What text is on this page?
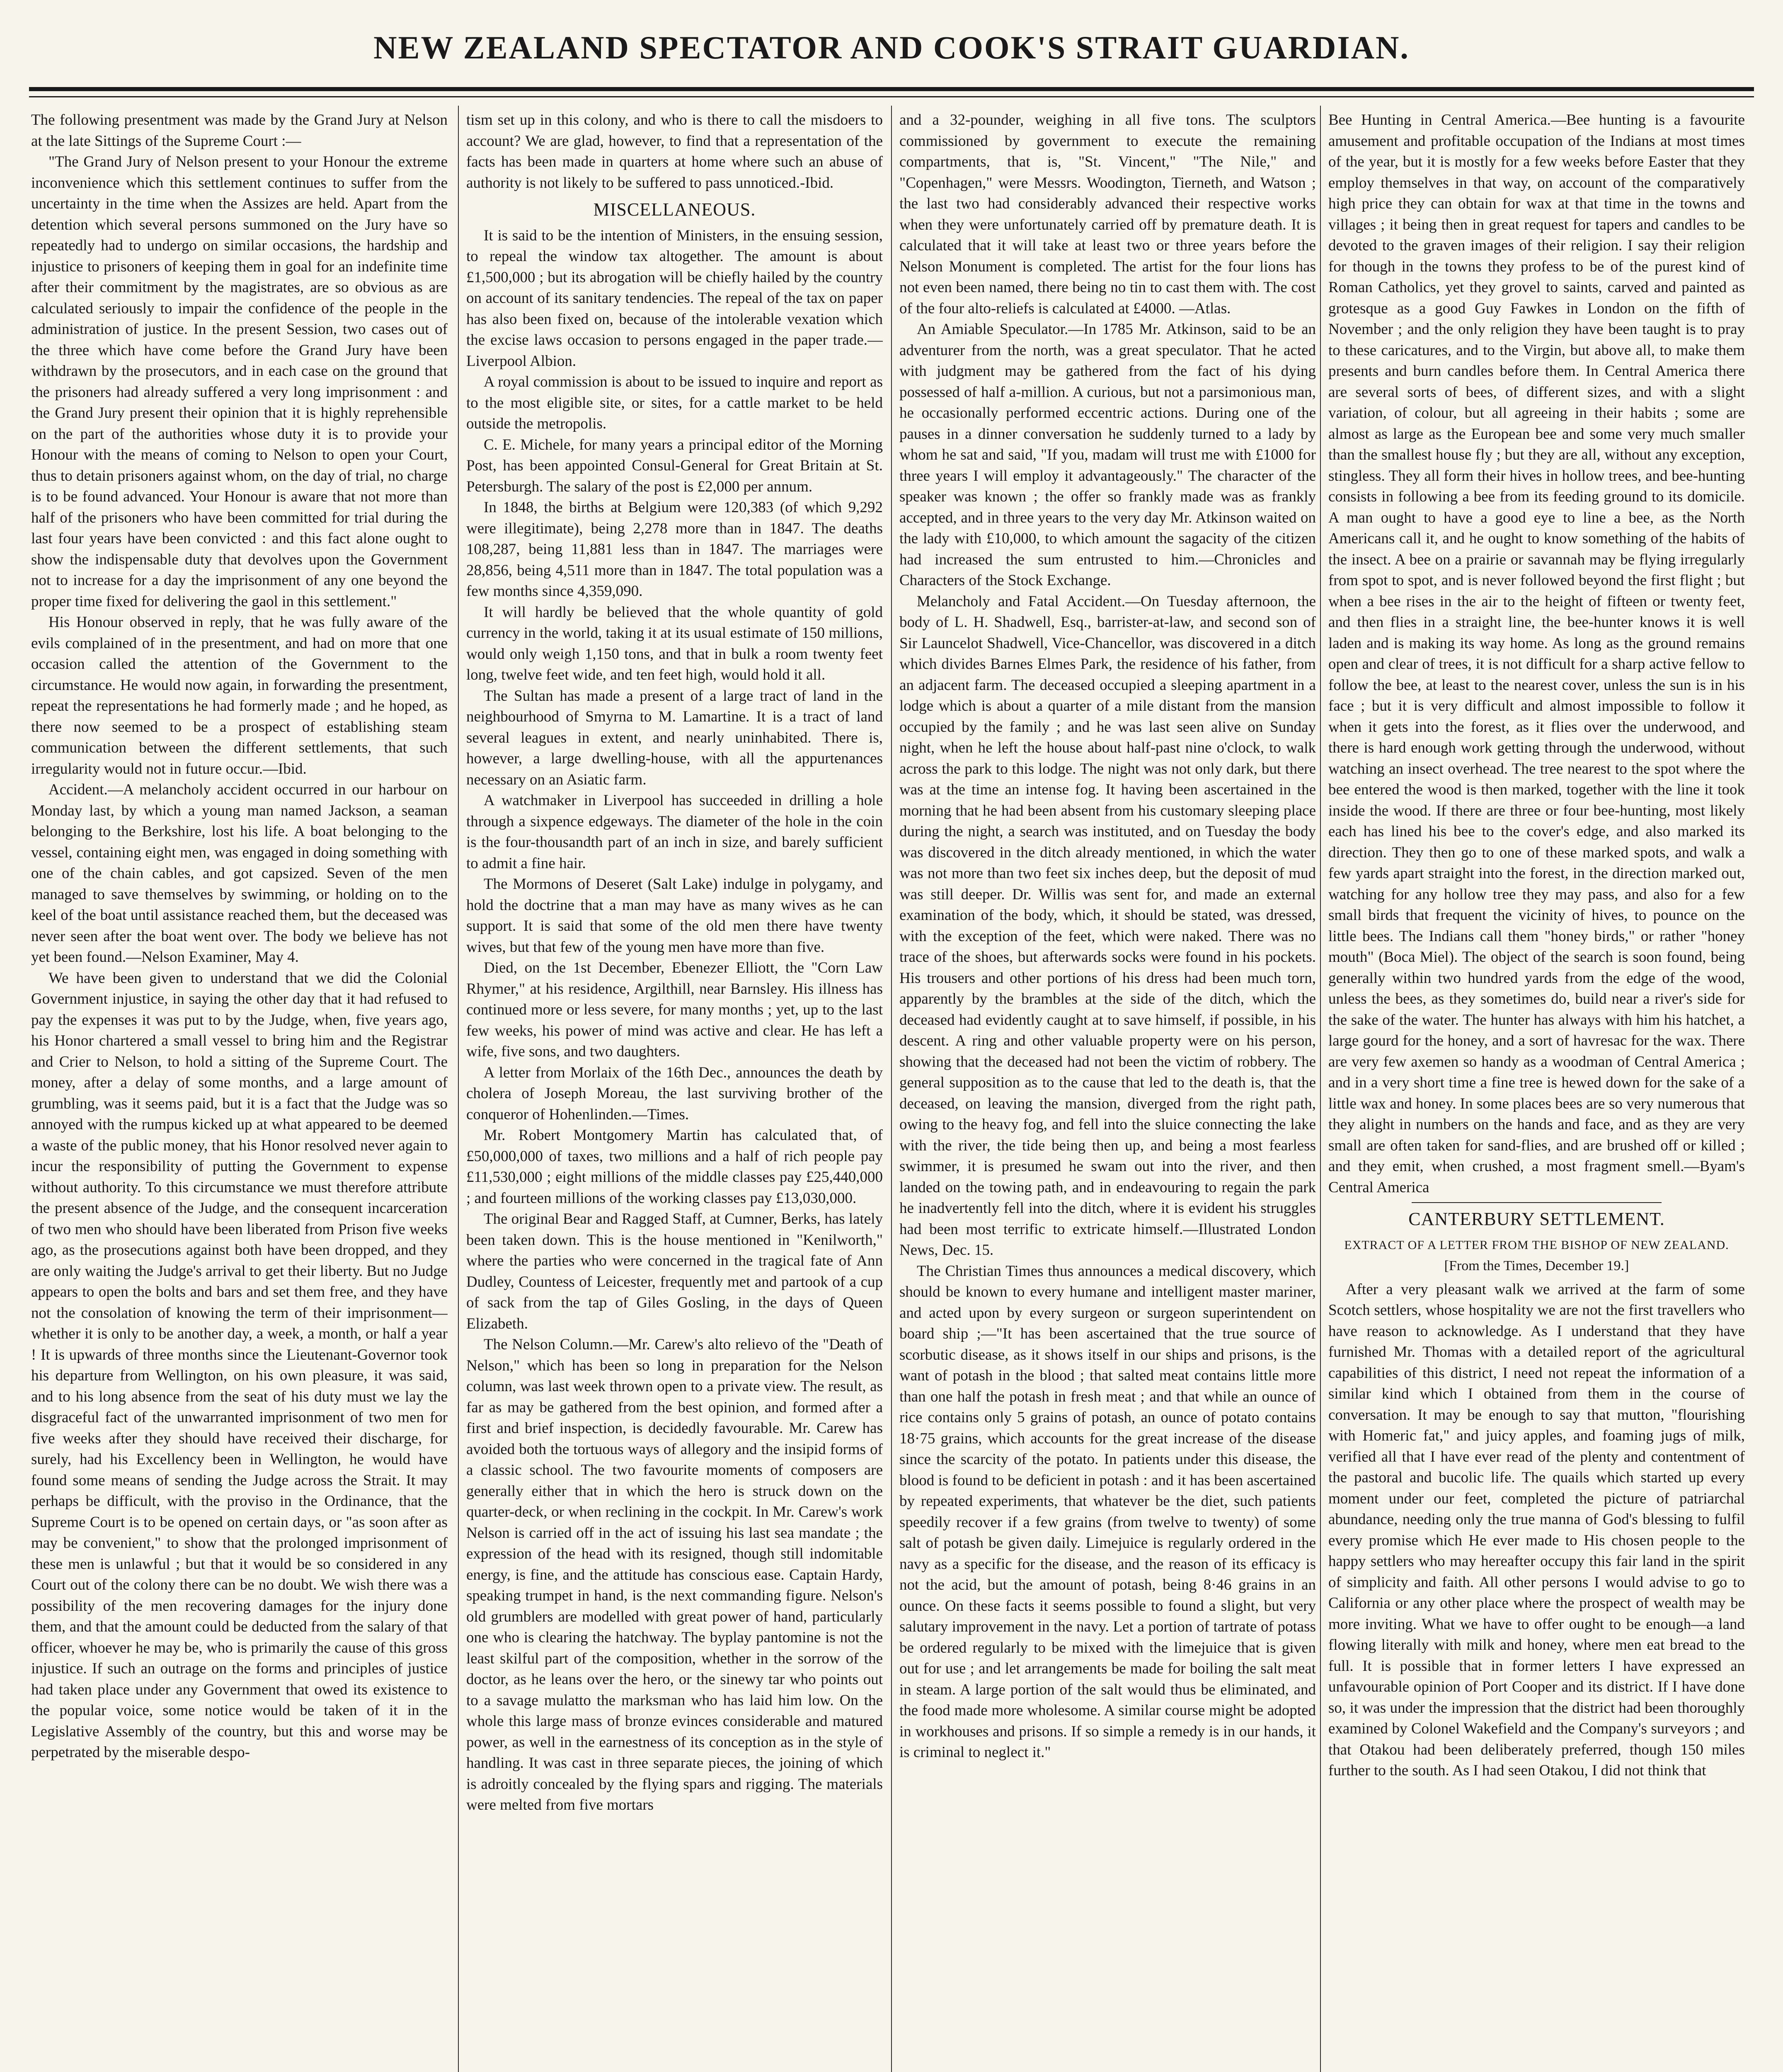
NEW ZEALAND SPECTATOR AND COOK'S STRAIT GUARDIAN.

The following presentment was made by the Grand Jury at Nelson at the late Sittings of the Supreme Court :—

"The Grand Jury of Nelson present to your Honour the extreme inconvenience which this settlement continues to suffer from the uncertainty in the time when the Assizes are held. Apart from the detention which several persons summoned on the Jury have so repeatedly had to undergo on similar occasions, the hardship and injustice to prisoners of keeping them in goal for an indefinite time after their commitment by the magistrates, are so obvious as are calculated seriously to impair the confidence of the people in the administration of justice. In the present Session, two cases out of the three which have come before the Grand Jury have been withdrawn by the prosecutors, and in each case on the ground that the prisoners had already suffered a very long imprisonment : and the Grand Jury present their opinion that it is highly reprehensible on the part of the authorities whose duty it is to provide your Honour with the means of coming to Nelson to open your Court, thus to detain prisoners against whom, on the day of trial, no charge is to be found advanced. Your Honour is aware that not more than half of the prisoners who have been committed for trial during the last four years have been convicted : and this fact alone ought to show the indispensable duty that devolves upon the Government not to increase for a day the imprisonment of any one beyond the proper time fixed for delivering the gaol in this settlement."

His Honour observed in reply, that he was fully aware of the evils complained of in the presentment, and had on more that one occasion called the attention of the Government to the circumstance. He would now again, in forwarding the presentment, repeat the representations he had formerly made ; and he hoped, as there now seemed to be a prospect of establishing steam communication between the different settlements, that such irregularity would not in future occur.—Ibid.

Accident.—A melancholy accident occurred in our harbour on Monday last, by which a young man named Jackson, a seaman belonging to the Berkshire, lost his life. A boat belonging to the vessel, containing eight men, was engaged in doing something with one of the chain cables, and got capsized. Seven of the men managed to save themselves by swimming, or holding on to the keel of the boat until assistance reached them, but the deceased was never seen after the boat went over. The body we believe has not yet been found.—Nelson Examiner, May 4.

We have been given to understand that we did the Colonial Government injustice, in saying the other day that it had refused to pay the expenses it was put to by the Judge, when, five years ago, his Honor chartered a small vessel to bring him and the Registrar and Crier to Nelson, to hold a sitting of the Supreme Court. The money, after a delay of some months, and a large amount of grumbling, was it seems paid, but it is a fact that the Judge was so annoyed with the rumpus kicked up at what appeared to be deemed a waste of the public money, that his Honor resolved never again to incur the responsibility of putting the Government to expense without authority. To this circumstance we must therefore attribute the present absence of the Judge, and the consequent incarceration of two men who should have been liberated from Prison five weeks ago, as the prosecutions against both have been dropped, and they are only waiting the Judge's arrival to get their liberty. But no Judge appears to open the bolts and bars and set them free, and they have not the consolation of knowing the term of their imprisonment—whether it is only to be another day, a week, a month, or half a year ! It is upwards of three months since the Lieutenant-Governor took his departure from Wellington, on his own pleasure, it was said, and to his long absence from the seat of his duty must we lay the disgraceful fact of the unwarranted imprisonment of two men for five weeks after they should have received their discharge, for surely, had his Excellency been in Wellington, he would have found some means of sending the Judge across the Strait. It may perhaps be difficult, with the proviso in the Ordinance, that the Supreme Court is to be opened on certain days, or "as soon after as may be convenient," to show that the prolonged imprisonment of these men is unlawful ; but that it would be so considered in any Court out of the colony there can be no doubt. We wish there was a possibility of the men recovering damages for the injury done them, and that the amount could be deducted from the salary of that officer, whoever he may be, who is primarily the cause of this gross injustice. If such an outrage on the forms and principles of justice had taken place under any Government that owed its existence to the popular voice, some notice would be taken of it in the Legislative Assembly of the country, but this and worse may be perpetrated by the miserable despo-

tism set up in this colony, and who is there to call the misdoers to account? We are glad, however, to find that a representation of the facts has been made in quarters at home where such an abuse of authority is not likely to be suffered to pass unnoticed.-Ibid.

MISCELLANEOUS.

It is said to be the intention of Ministers, in the ensuing session, to repeal the window tax altogether. The amount is about £1,500,000 ; but its abrogation will be chiefly hailed by the country on account of its sanitary tendencies. The repeal of the tax on paper has also been fixed on, because of the intolerable vexation which the excise laws occasion to persons engaged in the paper trade.—Liverpool Albion.

A royal commission is about to be issued to inquire and report as to the most eligible site, or sites, for a cattle market to be held outside the metropolis.

C. E. Michele, for many years a principal editor of the Morning Post, has been appointed Consul-General for Great Britain at St. Petersburgh. The salary of the post is £2,000 per annum.

In 1848, the births at Belgium were 120,383 (of which 9,292 were illegitimate), being 2,278 more than in 1847. The deaths 108,287, being 11,881 less than in 1847. The marriages were 28,856, being 4,511 more than in 1847. The total population was a few months since 4,359,090.

It will hardly be believed that the whole quantity of gold currency in the world, taking it at its usual estimate of 150 millions, would only weigh 1,150 tons, and that in bulk a room twenty feet long, twelve feet wide, and ten feet high, would hold it all.

The Sultan has made a present of a large tract of land in the neighbourhood of Smyrna to M. Lamartine. It is a tract of land several leagues in extent, and nearly uninhabited. There is, however, a large dwelling-house, with all the appurtenances necessary on an Asiatic farm.

A watchmaker in Liverpool has succeeded in drilling a hole through a sixpence edgeways. The diameter of the hole in the coin is the four-thousandth part of an inch in size, and barely sufficient to admit a fine hair.

The Mormons of Deseret (Salt Lake) indulge in polygamy, and hold the doctrine that a man may have as many wives as he can support. It is said that some of the old men there have twenty wives, but that few of the young men have more than five.

Died, on the 1st December, Ebenezer Elliott, the "Corn Law Rhymer," at his residence, Argilthill, near Barnsley. His illness has continued more or less severe, for many months ; yet, up to the last few weeks, his power of mind was active and clear. He has left a wife, five sons, and two daughters.

A letter from Morlaix of the 16th Dec., announces the death by cholera of Joseph Moreau, the last surviving brother of the conqueror of Hohenlinden.—Times.

Mr. Robert Montgomery Martin has calculated that, of £50,000,000 of taxes, two millions and a half of rich people pay £11,530,000 ; eight millions of the middle classes pay £25,440,000 ; and fourteen millions of the working classes pay £13,030,000.

The original Bear and Ragged Staff, at Cumner, Berks, has lately been taken down. This is the house mentioned in "Kenilworth," where the parties who were concerned in the tragical fate of Ann Dudley, Countess of Leicester, frequently met and partook of a cup of sack from the tap of Giles Gosling, in the days of Queen Elizabeth.

The Nelson Column.—Mr. Carew's alto relievo of the "Death of Nelson," which has been so long in preparation for the Nelson column, was last week thrown open to a private view. The result, as far as may be gathered from the best opinion, and formed after a first and brief inspection, is decidedly favourable. Mr. Carew has avoided both the tortuous ways of allegory and the insipid forms of a classic school. The two favourite moments of composers are generally either that in which the hero is struck down on the quarter-deck, or when reclining in the cockpit. In Mr. Carew's work Nelson is carried off in the act of issuing his last sea mandate ; the expression of the head with its resigned, though still indomitable energy, is fine, and the attitude has conscious ease. Captain Hardy, speaking trumpet in hand, is the next commanding figure. Nelson's old grumblers are modelled with great power of hand, particularly one who is clearing the hatchway. The byplay pantomine is not the least skilful part of the composition, whether in the sorrow of the doctor, as he leans over the hero, or the sinewy tar who points out to a savage mulatto the marksman who has laid him low. On the whole this large mass of bronze evinces considerable and matured power, as well in the earnestness of its conception as in the style of handling. It was cast in three separate pieces, the joining of which is adroitly concealed by the flying spars and rigging. The materials were melted from five mortars

and a 32-pounder, weighing in all five tons. The sculptors commissioned by government to execute the remaining compartments, that is, "St. Vincent," "The Nile," and "Copenhagen," were Messrs. Woodington, Tierneth, and Watson ; the last two had considerably advanced their respective works when they were unfortunately carried off by premature death. It is calculated that it will take at least two or three years before the Nelson Monument is completed. The artist for the four lions has not even been named, there being no tin to cast them with. The cost of the four alto-reliefs is calculated at £4000. —Atlas.

An Amiable Speculator.—In 1785 Mr. Atkinson, said to be an adventurer from the north, was a great speculator. That he acted with judgment may be gathered from the fact of his dying possessed of half a-million. A curious, but not a parsimonious man, he occasionally performed eccentric actions. During one of the pauses in a dinner conversation he suddenly turned to a lady by whom he sat and said, "If you, madam will trust me with £1000 for three years I will employ it advantageously." The character of the speaker was known ; the offer so frankly made was as frankly accepted, and in three years to the very day Mr. Atkinson waited on the lady with £10,000, to which amount the sagacity of the citizen had increased the sum entrusted to him.—Chronicles and Characters of the Stock Exchange.

Melancholy and Fatal Accident.—On Tuesday afternoon, the body of L. H. Shadwell, Esq., barrister-at-law, and second son of Sir Launcelot Shadwell, Vice-Chancellor, was discovered in a ditch which divides Barnes Elmes Park, the residence of his father, from an adjacent farm. The deceased occupied a sleeping apartment in a lodge which is about a quarter of a mile distant from the mansion occupied by the family ; and he was last seen alive on Sunday night, when he left the house about half-past nine o'clock, to walk across the park to this lodge. The night was not only dark, but there was at the time an intense fog. It having been ascertained in the morning that he had been absent from his customary sleeping place during the night, a search was instituted, and on Tuesday the body was discovered in the ditch already mentioned, in which the water was not more than two feet six inches deep, but the deposit of mud was still deeper. Dr. Willis was sent for, and made an external examination of the body, which, it should be stated, was dressed, with the exception of the feet, which were naked. There was no trace of the shoes, but afterwards socks were found in his pockets. His trousers and other portions of his dress had been much torn, apparently by the brambles at the side of the ditch, which the deceased had evidently caught at to save himself, if possible, in his descent. A ring and other valuable property were on his person, showing that the deceased had not been the victim of robbery. The general supposition as to the cause that led to the death is, that the deceased, on leaving the mansion, diverged from the right path, owing to the heavy fog, and fell into the sluice connecting the lake with the river, the tide being then up, and being a most fearless swimmer, it is presumed he swam out into the river, and then landed on the towing path, and in endeavouring to regain the park he inadvertently fell into the ditch, where it is evident his struggles had been most terrific to extricate himself.—Illustrated London News, Dec. 15.

The Christian Times thus announces a medical discovery, which should be known to every humane and intelligent master mariner, and acted upon by every surgeon or surgeon superintendent on board ship ;—"It has been ascertained that the true source of scorbutic disease, as it shows itself in our ships and prisons, is the want of potash in the blood ; that salted meat contains little more than one half the potash in fresh meat ; and that while an ounce of rice contains only 5 grains of potash, an ounce of potato contains 18·75 grains, which accounts for the great increase of the disease since the scarcity of the potato. In patients under this disease, the blood is found to be deficient in potash : and it has been ascertained by repeated experiments, that whatever be the diet, such patients speedily recover if a few grains (from twelve to twenty) of some salt of potash be given daily. Limejuice is regularly ordered in the navy as a specific for the disease, and the reason of its efficacy is not the acid, but the amount of potash, being 8·46 grains in an ounce. On these facts it seems possible to found a slight, but very salutary improvement in the navy. Let a portion of tartrate of potass be ordered regularly to be mixed with the limejuice that is given out for use ; and let arrangements be made for boiling the salt meat in steam. A large portion of the salt would thus be eliminated, and the food made more wholesome. A similar course might be adopted in workhouses and prisons. If so simple a remedy is in our hands, it is criminal to neglect it."

Bee Hunting in Central America.—Bee hunting is a favourite amusement and profitable occupation of the Indians at most times of the year, but it is mostly for a few weeks before Easter that they employ themselves in that way, on account of the comparatively high price they can obtain for wax at that time in the towns and villages ; it being then in great request for tapers and candles to be devoted to the graven images of their religion. I say their religion for though in the towns they profess to be of the purest kind of Roman Catholics, yet they grovel to saints, carved and painted as grotesque as a good Guy Fawkes in London on the fifth of November ; and the only religion they have been taught is to pray to these caricatures, and to the Virgin, but above all, to make them presents and burn candles before them. In Central America there are several sorts of bees, of different sizes, and with a slight variation, of colour, but all agreeing in their habits ; some are almost as large as the European bee and some very much smaller than the smallest house fly ; but they are all, without any exception, stingless. They all form their hives in hollow trees, and bee-hunting consists in following a bee from its feeding ground to its domicile. A man ought to have a good eye to line a bee, as the North Americans call it, and he ought to know something of the habits of the insect. A bee on a prairie or savannah may be flying irregularly from spot to spot, and is never followed beyond the first flight ; but when a bee rises in the air to the height of fifteen or twenty feet, and then flies in a straight line, the bee-hunter knows it is well laden and is making its way home. As long as the ground remains open and clear of trees, it is not difficult for a sharp active fellow to follow the bee, at least to the nearest cover, unless the sun is in his face ; but it is very difficult and almost impossible to follow it when it gets into the forest, as it flies over the underwood, and there is hard enough work getting through the underwood, without watching an insect overhead. The tree nearest to the spot where the bee entered the wood is then marked, together with the line it took inside the wood. If there are three or four bee-hunting, most likely each has lined his bee to the cover's edge, and also marked its direction. They then go to one of these marked spots, and walk a few yards apart straight into the forest, in the direction marked out, watching for any hollow tree they may pass, and also for a few small birds that frequent the vicinity of hives, to pounce on the little bees. The Indians call them "honey birds," or rather "honey mouth" (Boca Miel). The object of the search is soon found, being generally within two hundred yards from the edge of the wood, unless the bees, as they sometimes do, build near a river's side for the sake of the water. The hunter has always with him his hatchet, a large gourd for the honey, and a sort of havresac for the wax. There are very few axemen so handy as a woodman of Central America ; and in a very short time a fine tree is hewed down for the sake of a little wax and honey. In some places bees are so very numerous that they alight in numbers on the hands and face, and as they are very small are often taken for sand-flies, and are brushed off or killed ; and they emit, when crushed, a most fragment smell.—Byam's Central America

CANTERBURY SETTLEMENT.
EXTRACT OF A LETTER FROM THE BISHOP OF NEW ZEALAND.
[From the Times, December 19.]

After a very pleasant walk we arrived at the farm of some Scotch settlers, whose hospitality we are not the first travellers who have reason to acknowledge. As I understand that they have furnished Mr. Thomas with a detailed report of the agricultural capabilities of this district, I need not repeat the information of a similar kind which I obtained from them in the course of conversation. It may be enough to say that mutton, "flourishing with Homeric fat," and juicy apples, and foaming jugs of milk, verified all that I have ever read of the plenty and contentment of the pastoral and bucolic life. The quails which started up every moment under our feet, completed the picture of patriarchal abundance, needing only the true manna of God's blessing to fulfil every promise which He ever made to His chosen people to the happy settlers who may hereafter occupy this fair land in the spirit of simplicity and faith. All other persons I would advise to go to California or any other place where the prospect of wealth may be more inviting. What we have to offer ought to be enough—a land flowing literally with milk and honey, where men eat bread to the full. It is possible that in former letters I have expressed an unfavourable opinion of Port Cooper and its district. If I have done so, it was under the impression that the district had been thoroughly examined by Colonel Wakefield and the Company's surveyors ; and that Otakou had been deliberately preferred, though 150 miles further to the south. As I had seen Otakou, I did not think that
